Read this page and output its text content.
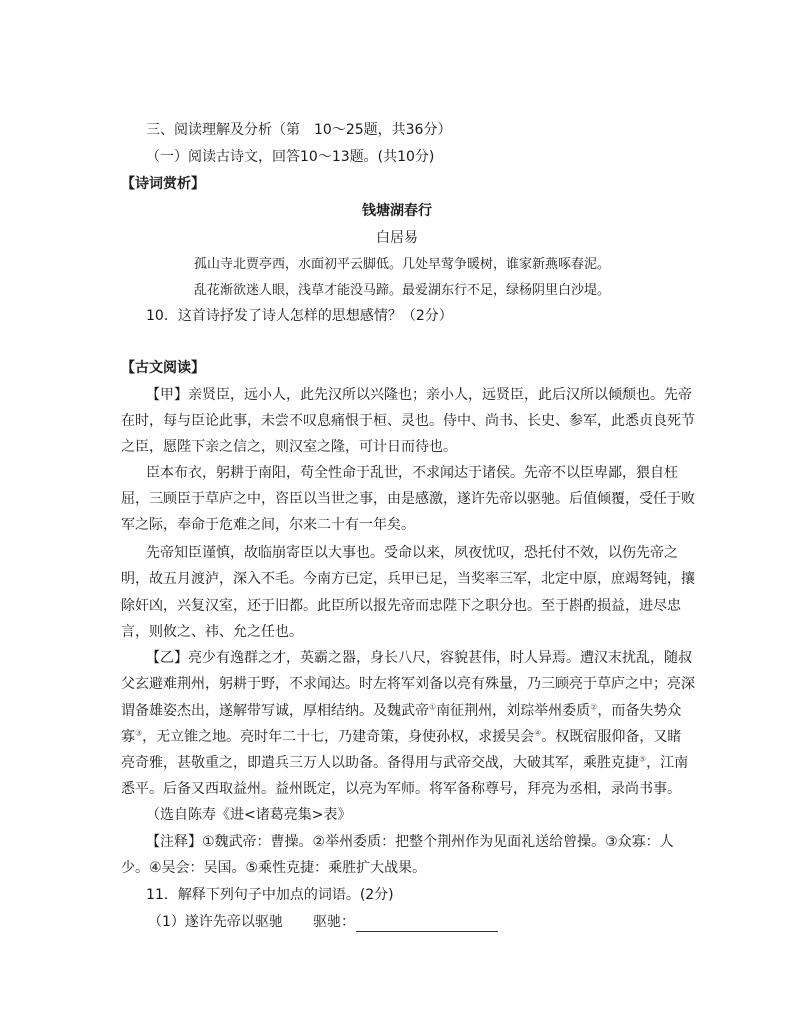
三、阅读理解及分析（第　10～25题，共36分）
（一）阅读古诗文，回答10～13题。(共10分)
【诗词赏析】
钱塘湖春行
白居易
孤山寺北贾亭西，水面初平云脚低。几处早莺争暖树，谁家新燕啄春泥。
乱花渐欲迷人眼，浅草才能没马蹄。最爱湖东行不足，绿杨阴里白沙堤。
10．这首诗抒发了诗人怎样的思想感情？（2分）
【古文阅读】
【甲】亲贤臣，远小人，此先汉所以兴隆也；亲小人，远贤臣，此后汉所以倾颓也。先帝
在时，每与臣论此事，未尝不叹息痛恨于桓、灵也。侍中、尚书、长史、参军，此悉贞良死节
之臣，愿陛下亲之信之，则汉室之隆，可计日而待也。
臣本布衣，躬耕于南阳，苟全性命于乱世，不求闻达于诸侯。先帝不以臣卑鄙，猥自枉
屈，三顾臣于草庐之中，咨臣以当世之事，由是感激，遂许先帝以驱驰。后值倾覆，受任于败
军之际，奉命于危难之间，尔来二十有一年矣。
先帝知臣谨慎，故临崩寄臣以大事也。受命以来，夙夜忧叹，恐托付不效，以伤先帝之
明，故五月渡泸，深入不毛。今南方已定，兵甲已足，当奖率三军，北定中原，庶竭驽钝，攘
除奸凶，兴复汉室，还于旧都。此臣所以报先帝而忠陛下之职分也。至于斟酌损益，进尽忠
言，则攸之、祎、允之任也。
【乙】亮少有逸群之才，英霸之器，身长八尺，容貌甚伟，时人异焉。遭汉末扰乱，随叔
父玄避难荆州，躬耕于野，不求闻达。时左将军刘备以亮有殊量，乃三顾亮于草庐之中；亮深
谓备雄姿杰出，遂解带写诚，厚相结纳。及魏武帝①南征荆州，刘琮举州委质②，而备失势众
寡③，无立锥之地。亮时年二十七，乃建奇策，身使孙权，求援吴会④。权既宿服仰备，又睹
亮奇雅，甚敬重之，即遣兵三万人以助备。备得用与武帝交战，大破其军，乘胜克捷⑤，江南
悉平。后备又西取益州。益州既定，以亮为军师。将军备称尊号，拜亮为丞相，录尚书事。
（选自陈寿《进<诸葛亮集>表》
【注释】①魏武帝：曹操。②举州委质：把整个荆州作为见面礼送给曾操。③众寡：人
少。④吴会：吴国。⑤乘性克捷：乘胜扩大战果。
11．解释下列句子中加点的词语。(2分)
（1）遂许先帝以驱驰 驱驰：
